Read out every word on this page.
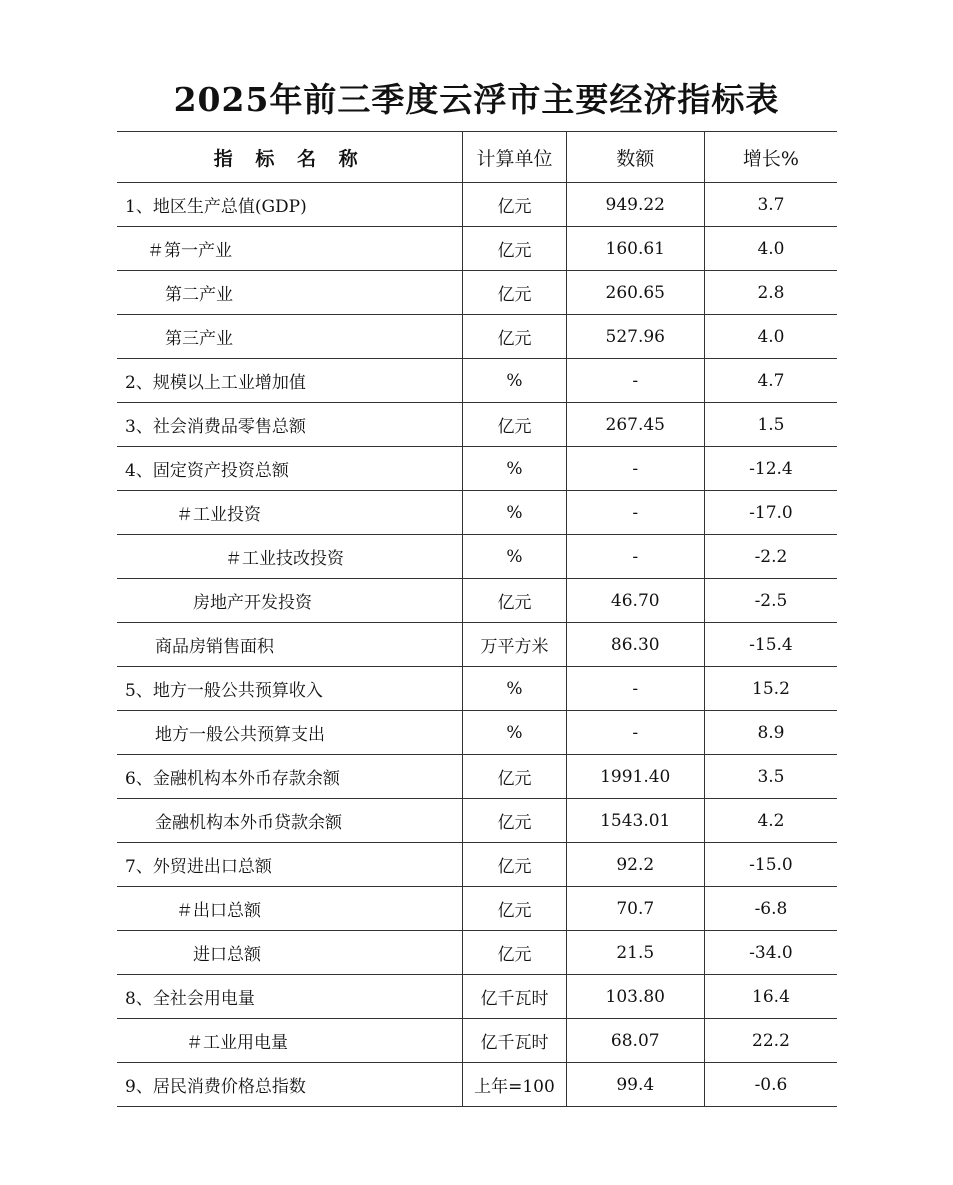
2025年前三季度云浮市主要经济指标表
指 标 名 称	计算单位	数额	增长%
1、地区生产总值(GDP)	亿元	949.22	3.7
＃第一产业	亿元	160.61	4.0
第二产业	亿元	260.65	2.8
第三产业	亿元	527.96	4.0
2、规模以上工业增加值	%	-	4.7
3、社会消费品零售总额	亿元	267.45	1.5
4、固定资产投资总额	%	-	-12.4
＃工业投资	%	-	-17.0
＃工业技改投资	%	-	-2.2
房地产开发投资	亿元	46.70	-2.5
商品房销售面积	万平方米	86.30	-15.4
5、地方一般公共预算收入	%	-	15.2
地方一般公共预算支出	%	-	8.9
6、金融机构本外币存款余额	亿元	1991.40	3.5
金融机构本外币贷款余额	亿元	1543.01	4.2
7、外贸进出口总额	亿元	92.2	-15.0
＃出口总额	亿元	70.7	-6.8
进口总额	亿元	21.5	-34.0
8、全社会用电量	亿千瓦时	103.80	16.4
＃工业用电量	亿千瓦时	68.07	22.2
9、居民消费价格总指数	上年=100	99.4	-0.6
